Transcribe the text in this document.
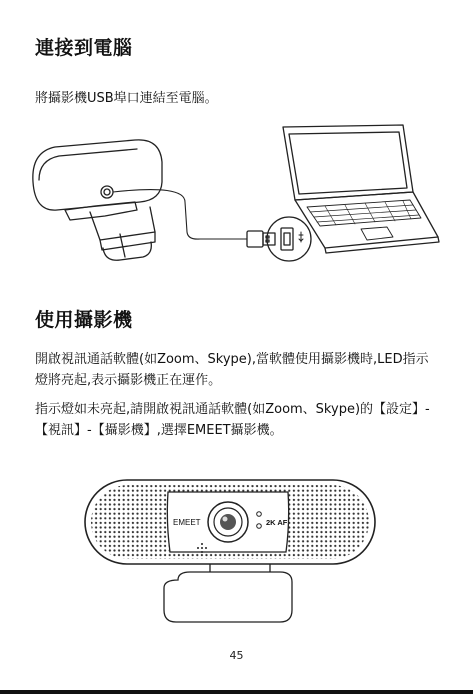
連接到電腦

將攝影機USB埠口連結至電腦。

使用攝影機

開啟視訊通話軟體(如Zoom、Skype),當軟體使用攝影機時,LED指示燈將亮起,表示攝影機正在運作。

指示燈如未亮起,請開啟視訊通話軟體(如Zoom、Skype)的【設定】-【視訊】-【攝影機】,選擇EMEET攝影機。

EMEET	2K AF
45
